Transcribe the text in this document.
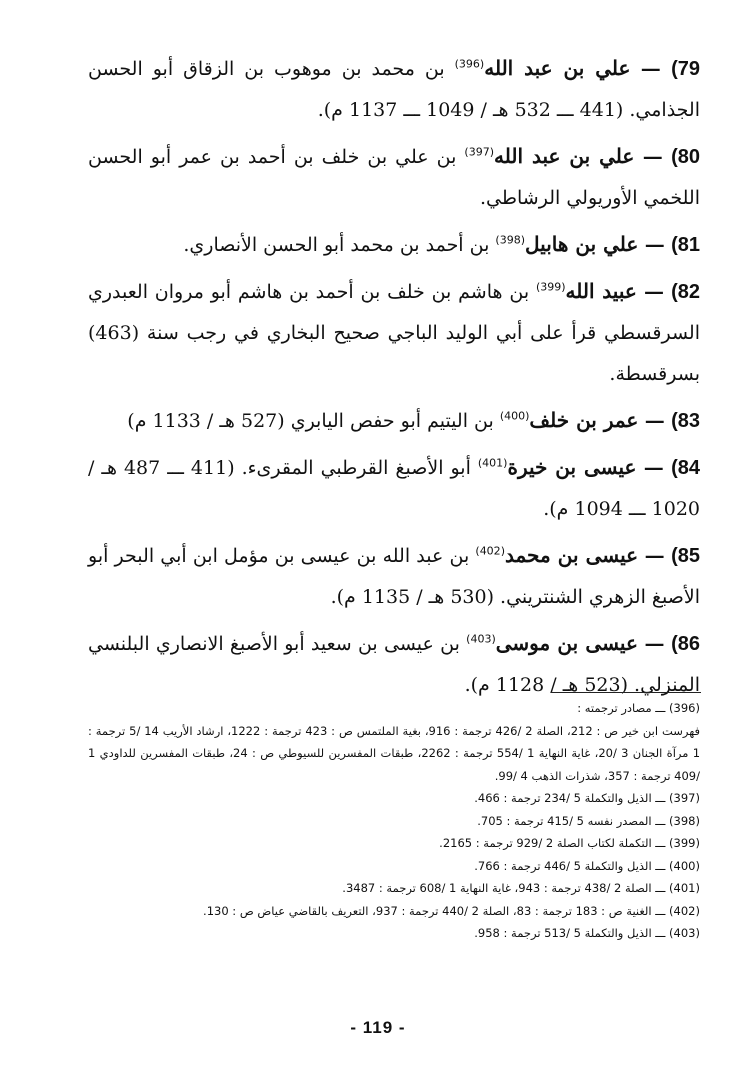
79) — علي بن عبد الله$^{(396)}$ بن محمد بن موهوب بن الزقاق أبو الحسن الجذامي. (441 ـــ 532 هـ / 1049 ـــ 1137 م).

80) — علي بن عبد الله$^{(397)}$ بن علي بن خلف بن أحمد بن عمر أبو الحسن اللخمي الأوريولي الرشاطي.

81) — علي بن هابيل$^{(398)}$ بن أحمد بن محمد أبو الحسن الأنصاري.

82) — عبيد الله$^{(399)}$ بن هاشم بن خلف بن أحمد بن هاشم أبو مروان العبدري السرقسطي قرأ على أبي الوليد الباجي صحيح البخاري في رجب سنة (463) بسرقسطة.

83) — عمر بن خلف$^{(400)}$ بن اليتيم أبو حفص اليابري (527 هـ / 1133 م)

84) — عيسى بن خيرة$^{(401)}$ أبو الأصبغ القرطبي المقرىء. (411 ـــ 487 هـ / 1020 ـــ 1094 م).

85) — عيسى بن محمد$^{(402)}$ بن عبد الله بن عيسى بن مؤمل ابن أبي البحر أبو الأصبغ الزهري الشنتريني. (530 هـ / 1135 م).

86) — عيسى بن موسى$^{(403)}$ بن عيسى بن سعيد أبو الأصبغ الانصاري البلنسي المنزلي. (523 هـ / 1128 م).

(396) ـــ مصادر ترجمته :

فهرست ابن خير ص : 212، الصلة 2 /426 ترجمة : 916، بغية الملتمس ص : 423 ترجمة : 1222، ارشاد الأريب 14 /5 ترجمة : 1 مرآة الجنان 3 /20، غاية النهاية 1 /554 ترجمة : 2262، طبقات المفسرين للسيوطي ص : 24، طبقات المفسرين للداودي 1 /409 ترجمة : 357، شذرات الذهب 4 /99.

(397) ـــ الذيل والتكملة 5 /234 ترجمة : 466.

(398) ـــ المصدر نفسه 5 /415 ترجمة : 705.

(399) ـــ التكملة لكتاب الصلة 2 /929 ترجمة : 2165.

(400) ـــ الذيل والتكملة 5 /446 ترجمة : 766.

(401) ـــ الصلة 2 /438 ترجمة : 943، غاية النهاية 1 /608 ترجمة : 3487.

(402) ـــ الغنية ص : 183 ترجمة : 83، الصلة 2 /440 ترجمة : 937، التعريف بالقاضي عياض ص : 130.

(403) ـــ الذيل والتكملة 5 /513 ترجمة : 958.

- 119 -
